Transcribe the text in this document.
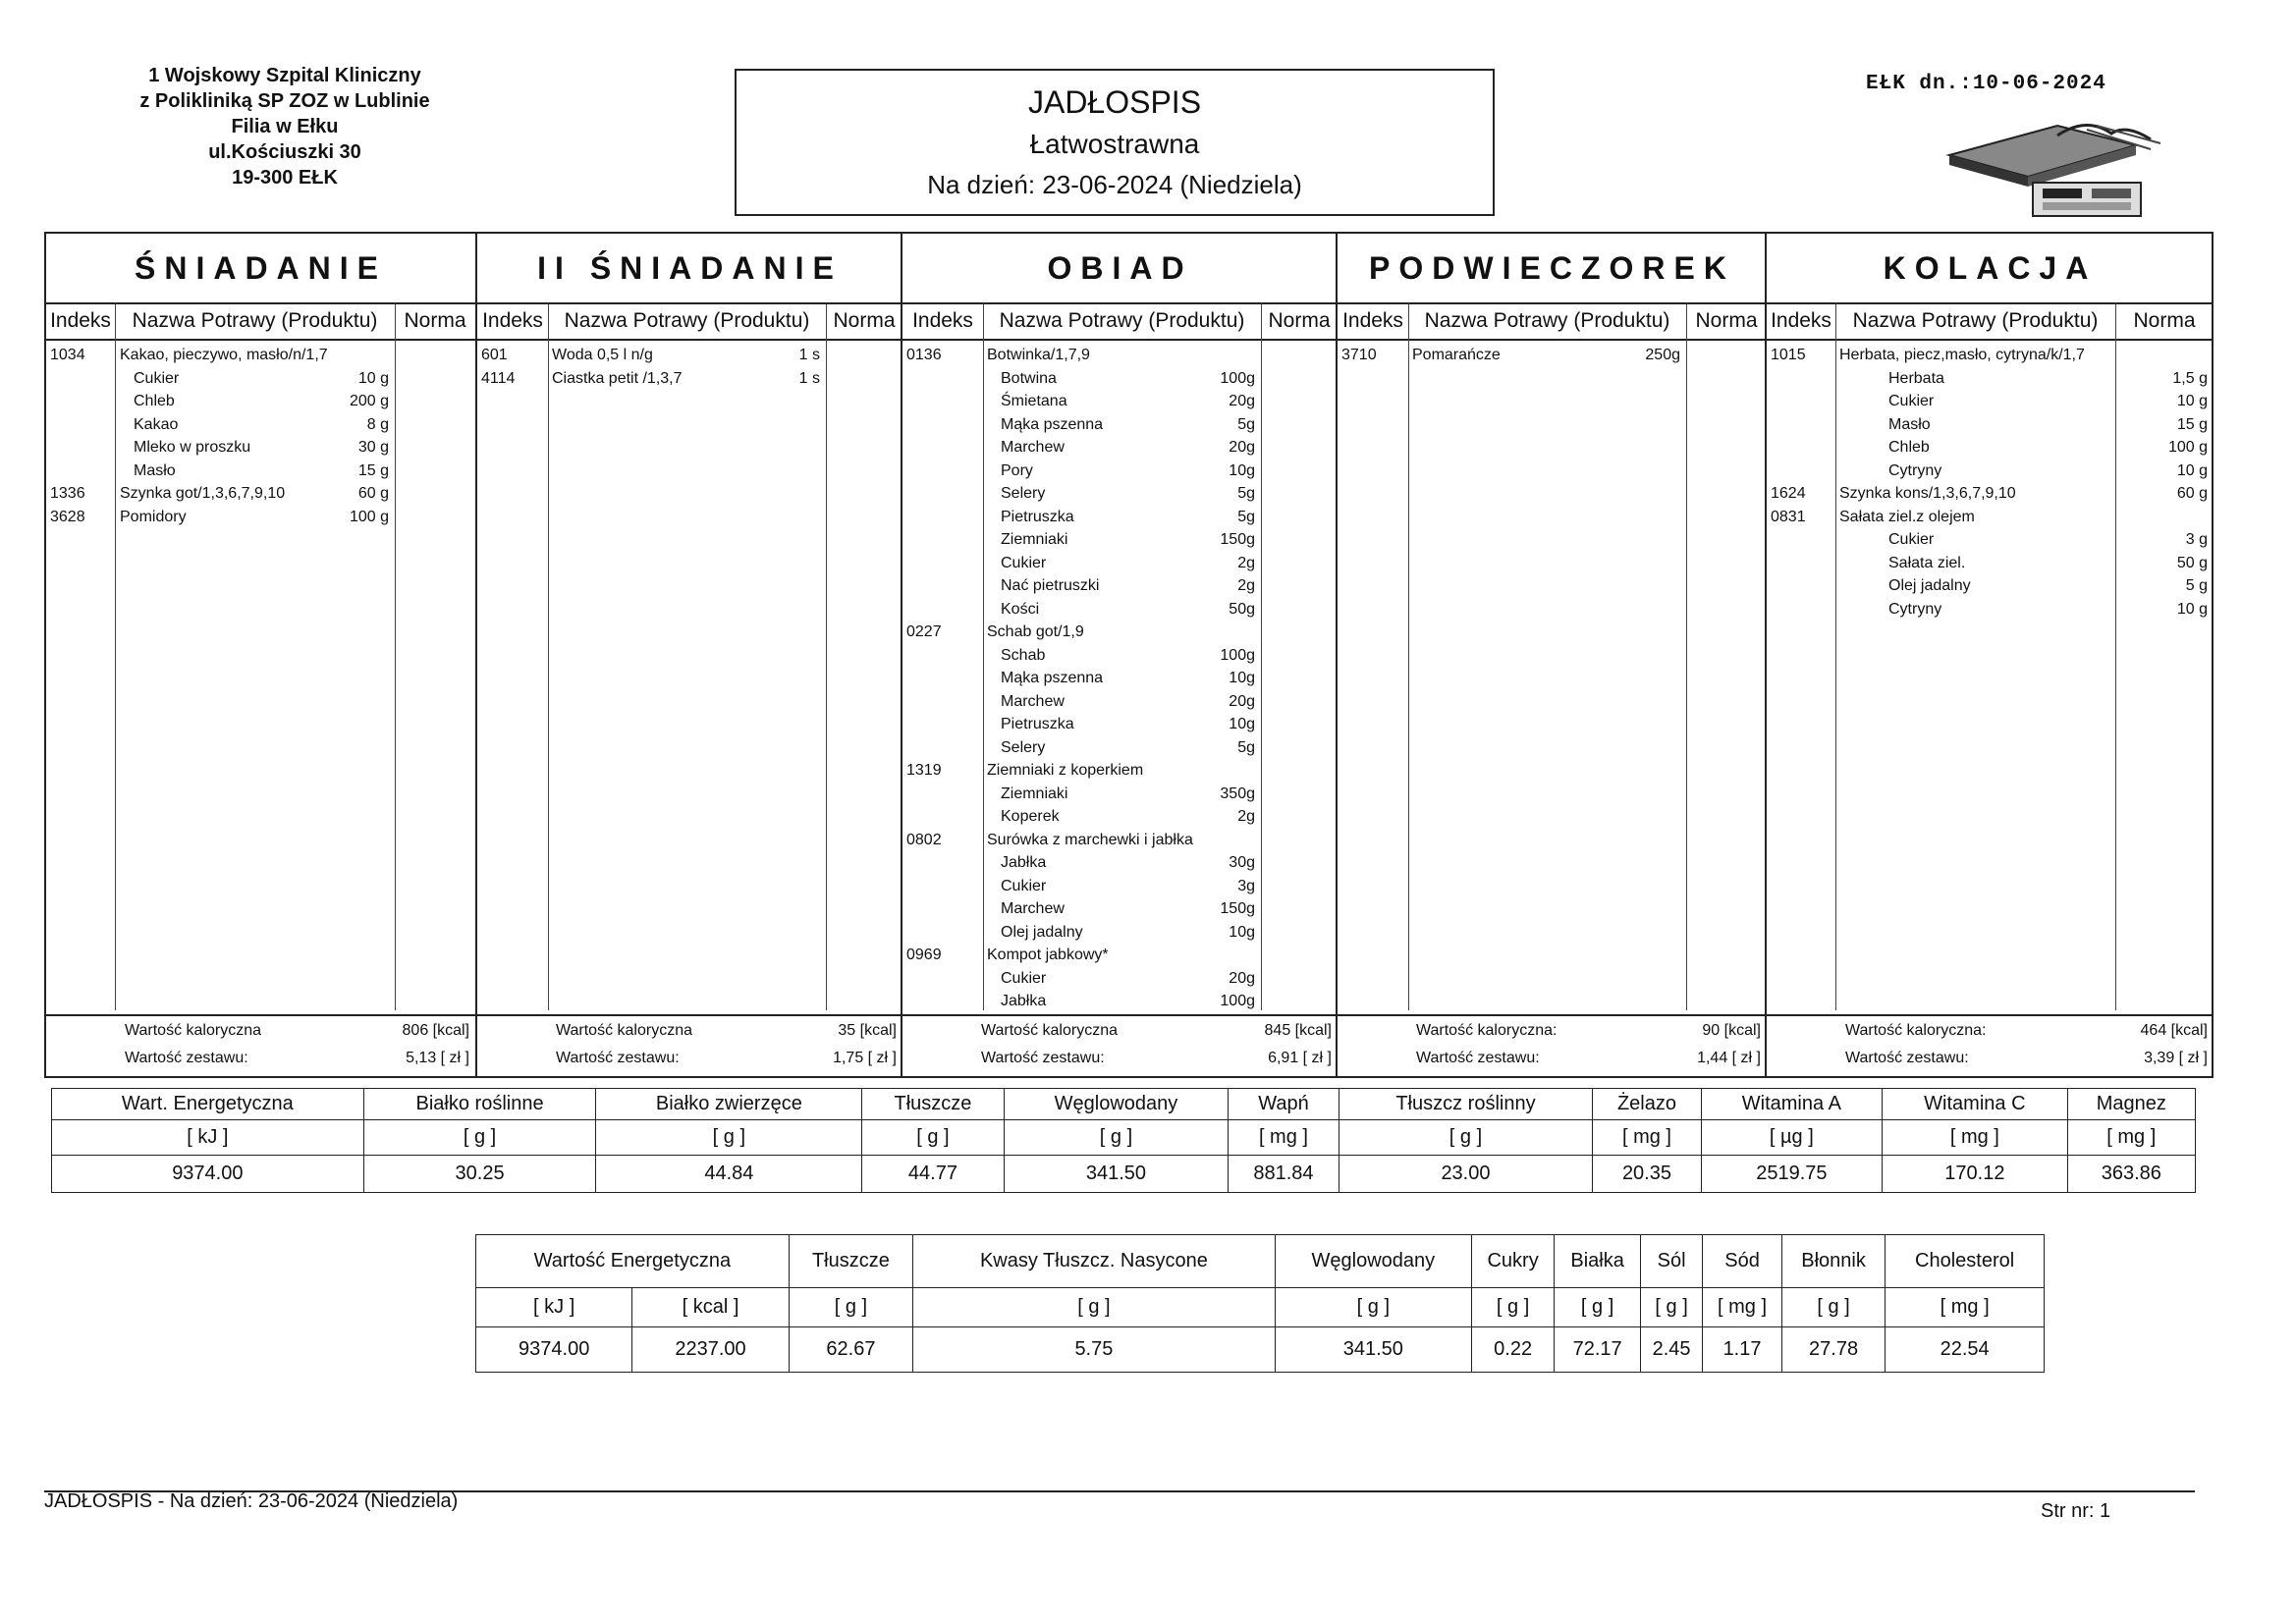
1 Wojskowy Szpital Kliniczny
z Polikliniką SP ZOZ w Lublinie
Filia w Ełku
ul.Kościuszki 30
19-300 EŁK
JADŁOSPIS
Łatwostrawna
Na dzień: 23-06-2024 (Niedziela)
EŁK dn.:10-06-2024
ŚNIADANIE
Indeks	Nazwa Potrawy (Produktu)	Norma
1034 Kakao, pieczywo, masło/n/1,7
Cukier	10 g
Chleb	200 g
Kakao	8 g
Mleko w proszku	30 g
Masło	15 g
1336 Szynka got/1,3,6,7,9,10	60 g
3628 Pomidory	100 g
Wartość kaloryczna	806 [kcal]
Wartość zestawu:	5,13 [ zł ]
II ŚNIADANIE
Indeks	Nazwa Potrawy (Produktu)	Norma
601	Woda 0,5 l n/g	1 s
4114 Ciastka petit /1,3,7	1 s
Wartość kaloryczna	35 [kcal]
Wartość zestawu:	1,75 [ zł ]
OBIAD
Indeks	Nazwa Potrawy (Produktu)	Norma
0136	Botwinka/1,7,9
Botwina	100g
Śmietana	20g
Mąka pszenna	5g
Marchew	20g
Pory	10g
Selery	5g
Pietruszka	5g
Ziemniaki	150g
Cukier	2g
Nać pietruszki	2g
Kości	50g
0227	Schab got/1,9
Schab	100g
Mąka pszenna	10g
Marchew	20g
Pietruszka	10g
Selery	5g
1319	Ziemniaki z koperkiem
Ziemniaki	350g
Koperek	2g
0802	Surówka z marchewki i jabłka
Jabłka	30g
Cukier	3g
Marchew	150g
Olej jadalny	10g
0969	Kompot jabkowy*
Cukier	20g
Jabłka	100g
Wartość kaloryczna	845 [kcal]
Wartość zestawu:	6,91 [ zł ]
PODWIECZOREK
Indeks	Nazwa Potrawy (Produktu)	Norma
3710 Pomarańcze	250g
Wartość kaloryczna:	90 [kcal]
Wartość zestawu:	1,44 [ zł ]
KOLACJA
Indeks	Nazwa Potrawy (Produktu)	Norma
1015 Herbata, piecz,masło, cytryna/k/1,7
Herbata	1,5 g
Cukier	10 g
Masło	15 g
Chleb	100 g
Cytryny	10 g
1624 Szynka kons/1,3,6,7,9,10	60 g
0831 Sałata ziel.z olejem
Cukier	3 g
Sałata ziel.	50 g
Olej jadalny	5 g
Cytryny	10 g
Wartość kaloryczna:	464 [kcal]
Wartość zestawu:	3,39 [ zł ]
Wart. Energetyczna	Białko roślinne	Białko zwierzęce	Tłuszcze	Węglowodany	Wapń	Tłuszcz roślinny	Żelazo	Witamina A	Witamina C	Magnez
[ kJ ]	[ g ]	[ g ]	[ g ]	[ g ]	[ mg ]	[ g ]	[ mg ]	[ µg ]	[ mg ]	[ mg ]
9374.00	30.25	44.84	44.77	341.50	881.84	23.00	20.35	2519.75	170.12	363.86
Wartość Energetyczna		Tłuszcze	Kwasy Tłuszcz. Nasycone	Węglowodany	Cukry	Białka	Sól	Sód	Błonnik	Cholesterol
[ kJ ]	[ kcal ]	[ g ]	[ g ]	[ g ]	[ g ]	[ g ]	[ g ]	[ mg ]	[ g ]	[ mg ]
9374.00	2237.00	62.67	5.75	341.50	0.22	72.17	2.45	1.17	27.78	22.54
JADŁOSPIS - Na dzień: 23-06-2024 (Niedziela)	Str nr: 1
